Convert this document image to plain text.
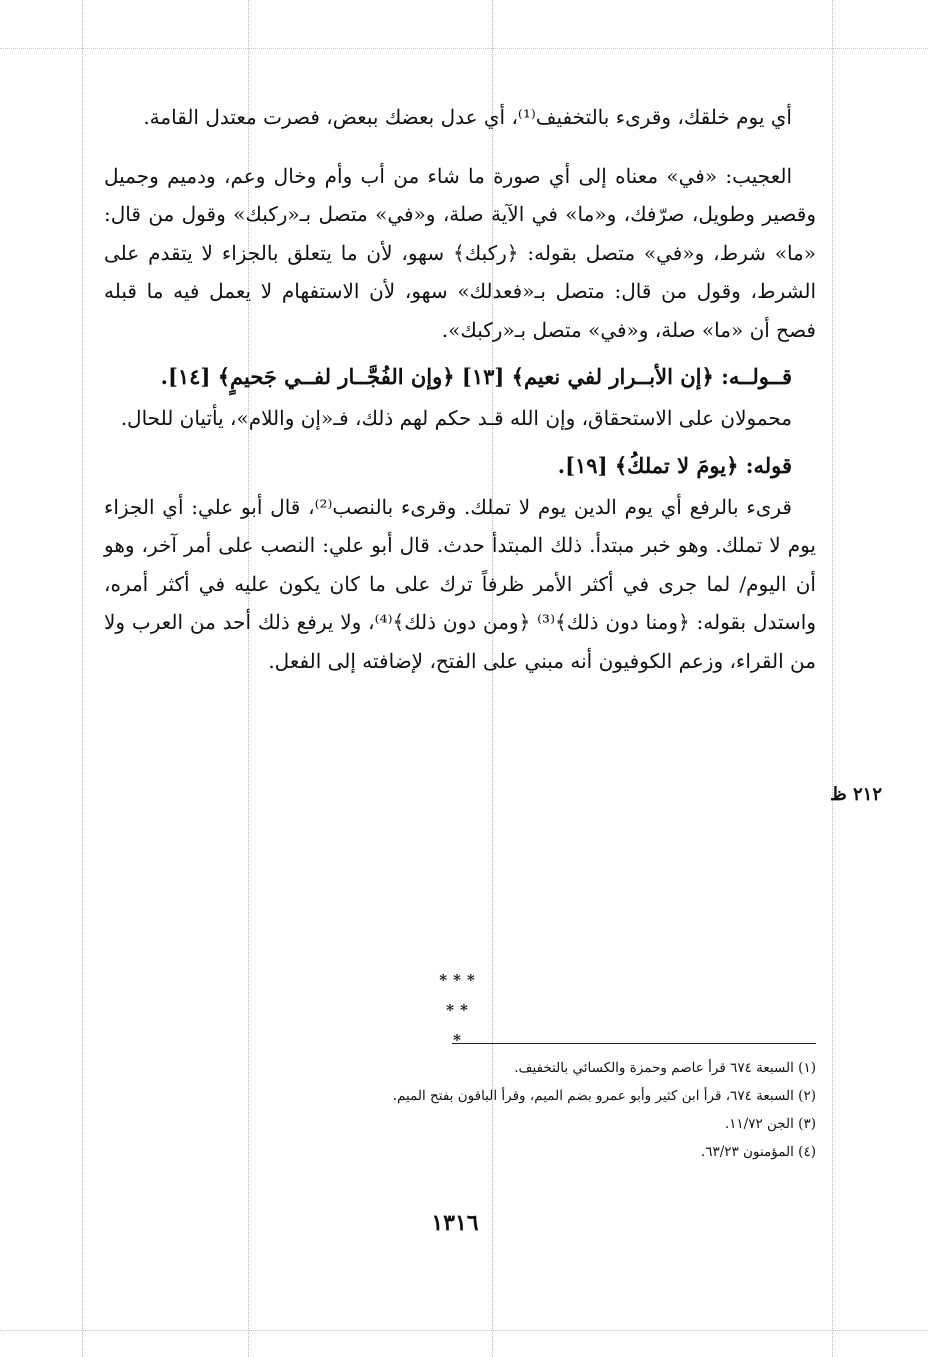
أي يوم خلقك، وقرىء بالتخفيف⁽¹⁾، أي عدل بعضك ببعض، فصرت معتدل القامة.

العجيب: «في» معناه إلى أي صورة ما شاء من أب وأم وخال وعم، ودميم وجميل وقصير وطويل، صرّفك، و«ما» في الآية صلة، و«في» متصل بـ«ركبك» وقول من قال: «ما» شرط، و«في» متصل بقوله: ﴿ركبك﴾ سهو، لأن ما يتعلق بالجزاء لا يتقدم على الشرط، وقول من قال: متصل بـ«فعدلك» سهو، لأن الاستفهام لا يعمل فيه ما قبله فصح أن «ما» صلة، و«في» متصل بـ«ركبك».

قــولــه: ﴿إن الأبــرار لفي نعيم﴾ [١٣] ﴿وإن الفُجَّــار لفــي جَحيمٍ﴾ [١٤].

محمولان على الاستحقاق، وإن الله قـد حكم لهم ذلك، فـ«إن واللام»، يأتيان للحال.

قوله: ﴿يومَ لا تملكُ﴾ [١٩].

قرىء بالرفع أي يوم الدين يوم لا تملك. وقرىء بالنصب⁽²⁾، قال أبو علي: أي الجزاء يوم لا تملك. وهو خبر مبتدأ. ذلك المبتدأ حدث. قال أبو علي: النصب على أمر آخر، وهو أن اليوم/ لما جرى في أكثر الأمر ظرفاً ترك على ما كان يكون عليه في أكثر أمره، واستدل بقوله: ﴿ومنا دون ذلك﴾⁽³⁾ ﴿ومن دون ذلك﴾⁽⁴⁾، ولا يرفع ذلك أحد من العرب ولا من القراء، وزعم الكوفيون أنه مبني على الفتح، لإضافته إلى الفعل.

٢١٢ ظ
***
**
*

(١) السبعة ٦٧٤ قرأ عاصم وحمزة والكسائي بالتخفيف.

(٢) السبعة ٦٧٤، قرأ ابن كثير وأبو عمرو بضم الميم، وقرأ الباقون بفتح الميم.

(٣) الجن ١١/٧٢.

(٤) المؤمنون ٦٣/٢٣.

١٣١٦
